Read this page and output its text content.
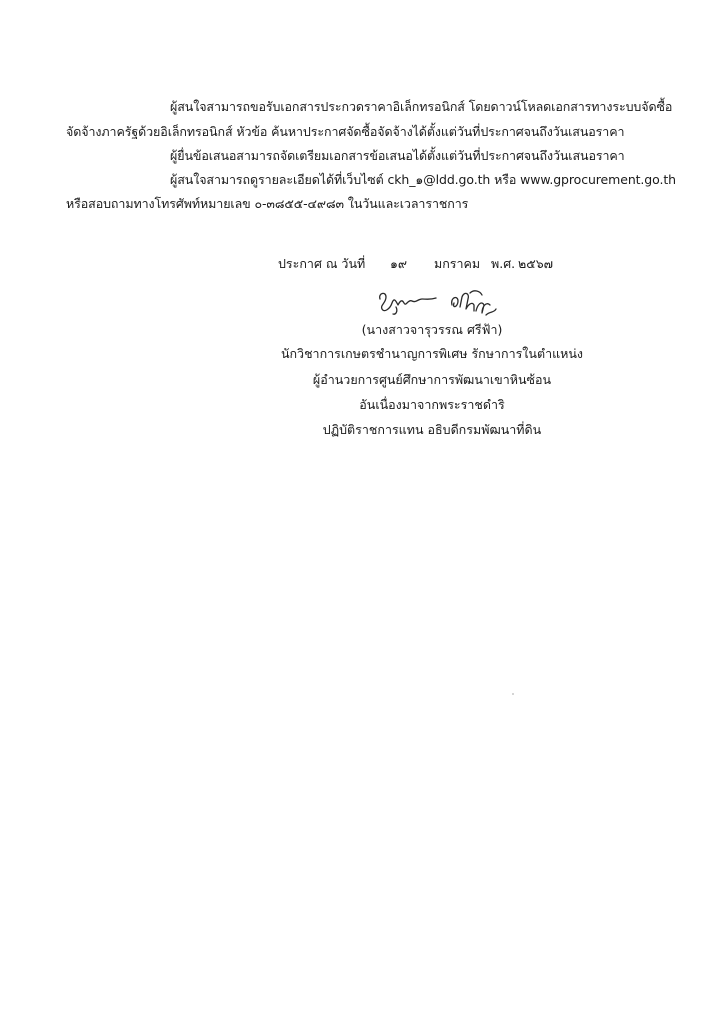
ผู้สนใจสามารถขอรับเอกสารประกวดราคาอิเล็กทรอนิกส์ โดยดาวน์โหลดเอกสารทางระบบจัดซื้อ
จัดจ้างภาครัฐด้วยอิเล็กทรอนิกส์ หัวข้อ ค้นหาประกาศจัดซื้อจัดจ้างได้ตั้งแต่วันที่ประกาศจนถึงวันเสนอราคา
ผู้ยื่นข้อเสนอสามารถจัดเตรียมเอกสารข้อเสนอได้ตั้งแต่วันที่ประกาศจนถึงวันเสนอราคา
ผู้สนใจสามารถดูรายละเอียดได้ที่เว็บไซต์ ckh_๑@ldd.go.th หรือ www.gprocurement.go.th
หรือสอบถามทางโทรศัพท์หมายเลข ๐-๓๘๕๕-๔๙๘๓ ในวันและเวลาราชการ
ประกาศ ณ วันที่ ๑๙ มกราคม พ.ศ. ๒๕๖๗
(นางสาวจารุวรรณ ศรีฟ้า)
นักวิชาการเกษตรชำนาญการพิเศษ รักษาการในตำแหน่ง
ผู้อำนวยการศูนย์ศึกษาการพัฒนาเขาหินซ้อน
อันเนื่องมาจากพระราชดำริ
ปฏิบัติราชการแทน อธิบดีกรมพัฒนาที่ดิน
